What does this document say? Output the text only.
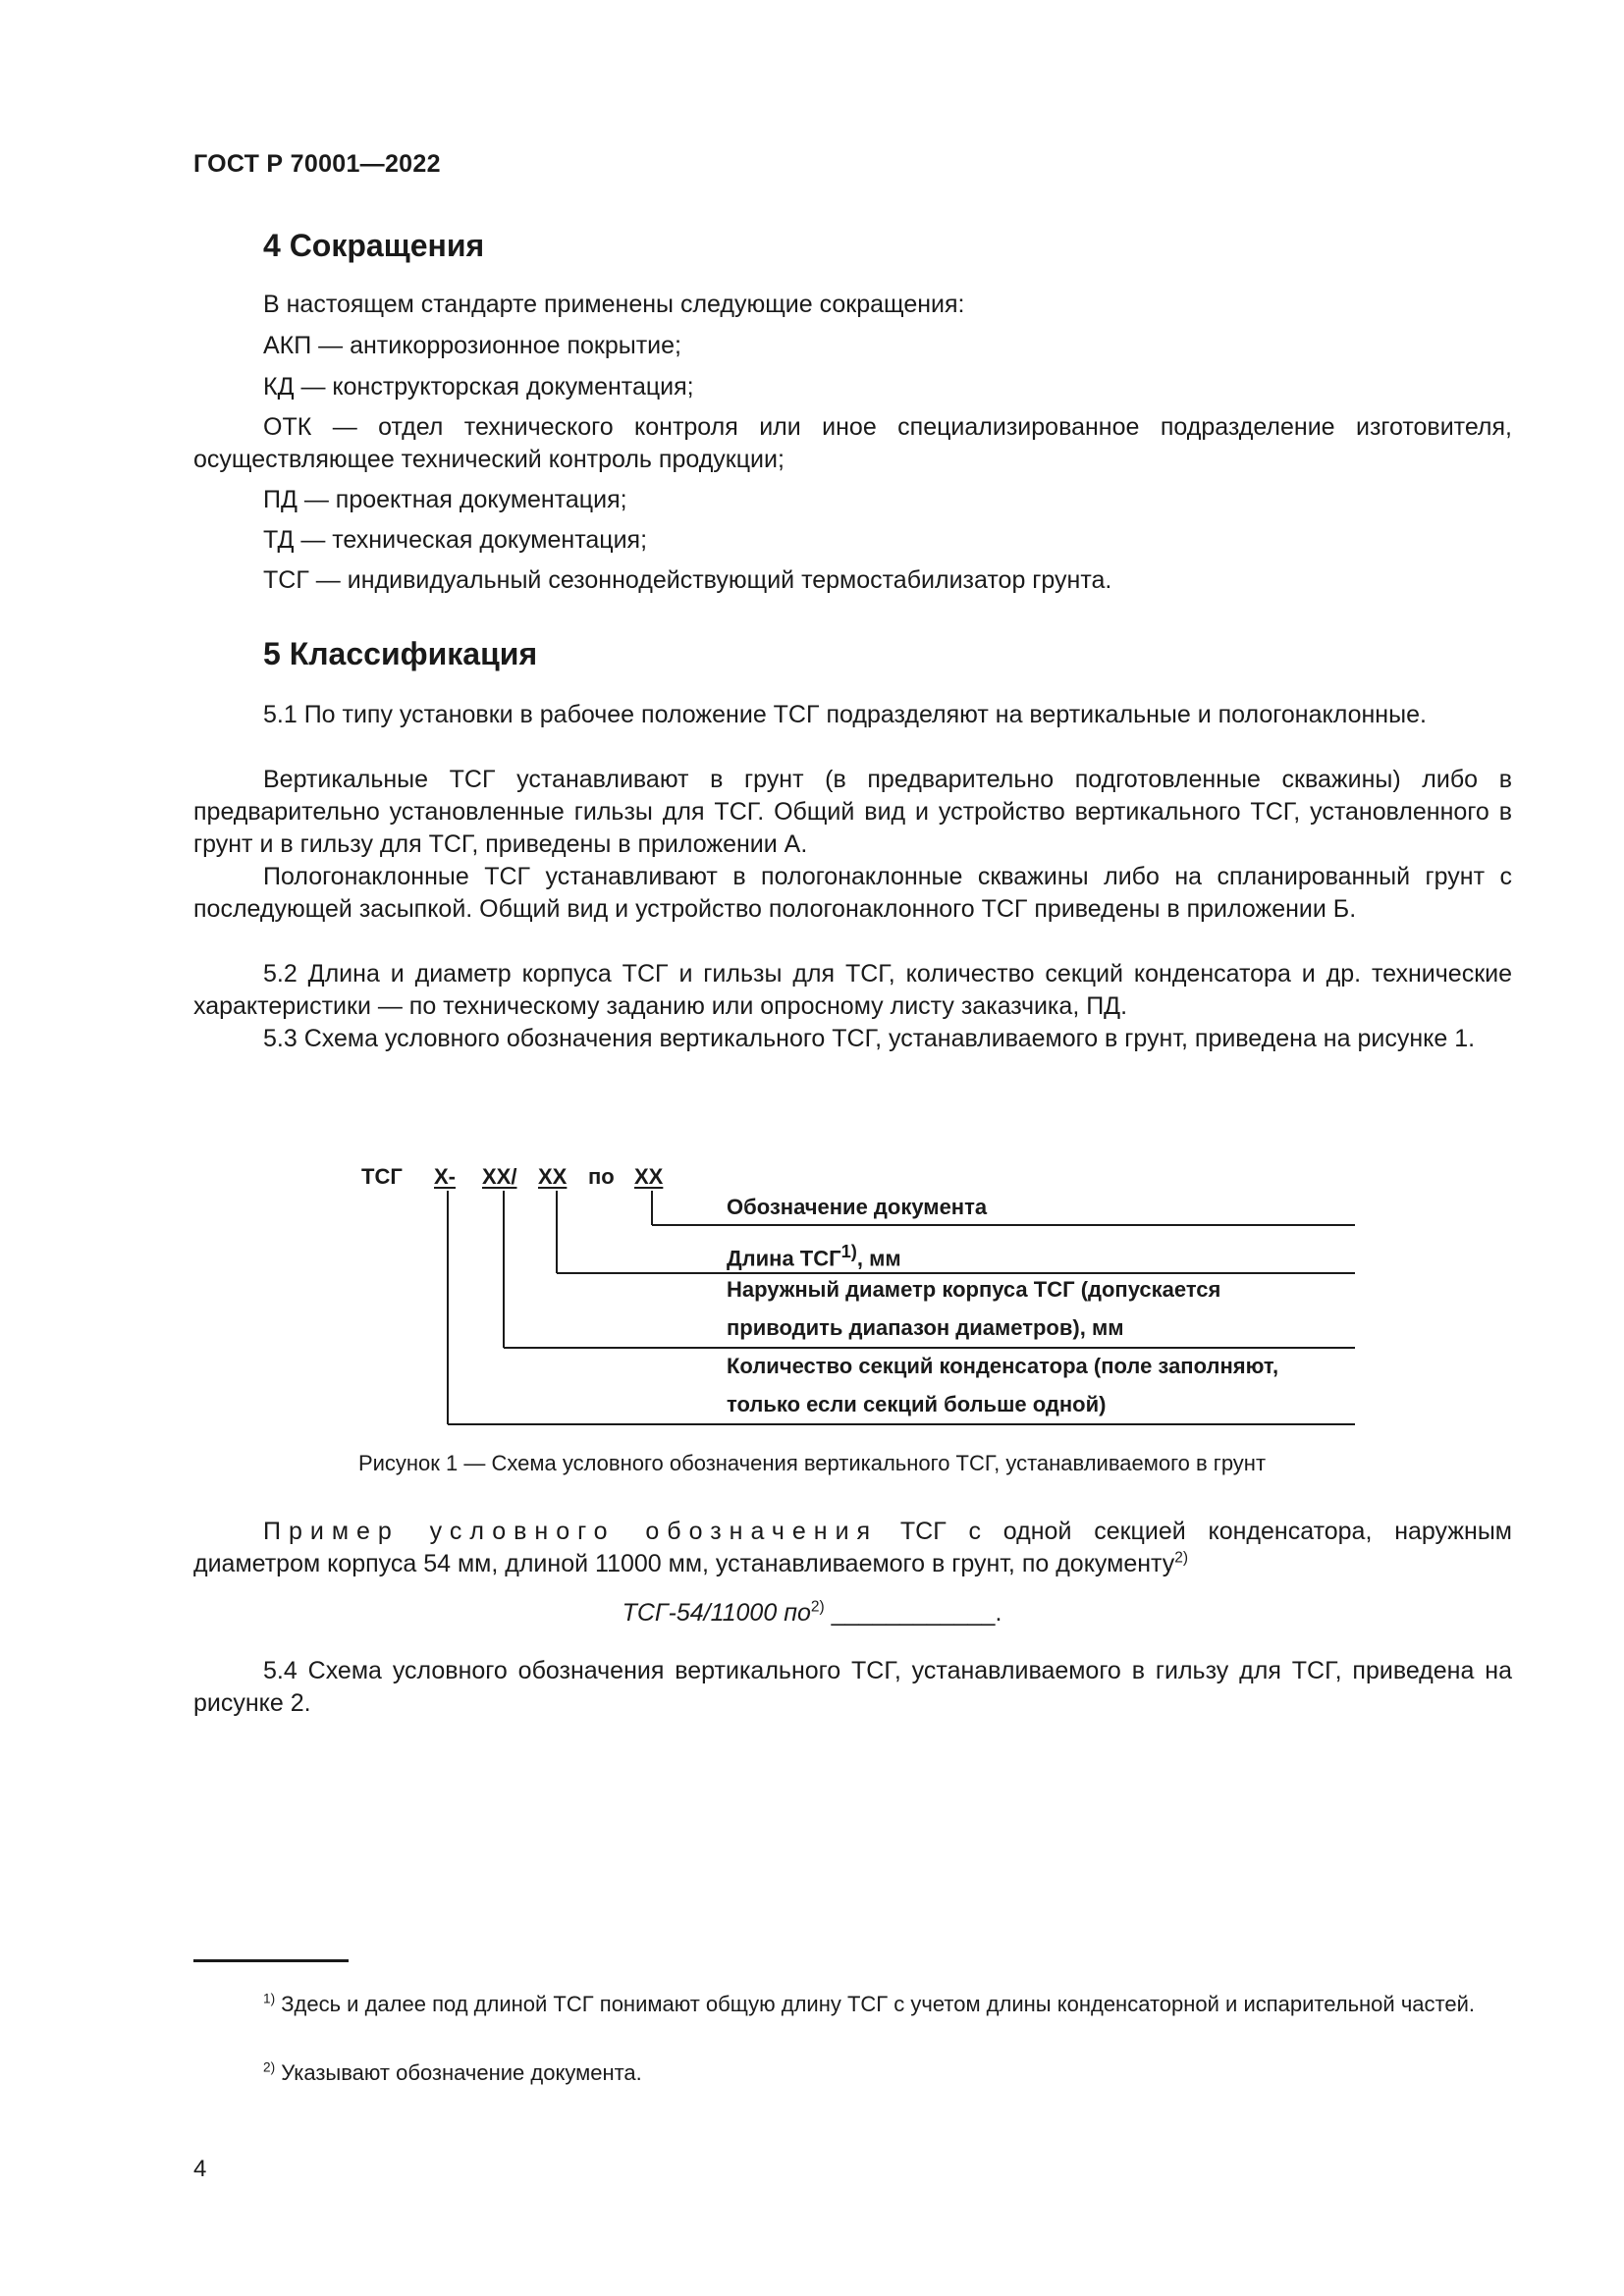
ГОСТ Р 70001—2022
4 Сокращения
В настоящем стандарте применены следующие сокращения:
АКП — антикоррозионное покрытие;
КД — конструкторская документация;
ОТК — отдел технического контроля или иное специализированное подразделение изготовителя, осуществляющее технический контроль продукции;
ПД — проектная документация;
ТД — техническая документация;
ТСГ — индивидуальный сезоннодействующий термостабилизатор грунта.
5 Классификация
5.1 По типу установки в рабочее положение ТСГ подразделяют на вертикальные и пологонаклонные.
Вертикальные ТСГ устанавливают в грунт (в предварительно подготовленные скважины) либо в предварительно установленные гильзы для ТСГ. Общий вид и устройство вертикального ТСГ, установленного в грунт и в гильзу для ТСГ, приведены в приложении А.
Пологонаклонные ТСГ устанавливают в пологонаклонные скважины либо на спланированный грунт с последующей засыпкой. Общий вид и устройство пологонаклонного ТСГ приведены в приложении Б.
5.2 Длина и диаметр корпуса ТСГ и гильзы для ТСГ, количество секций конденсатора и др. технические характеристики — по техническому заданию или опросному листу заказчика, ПД.
5.3 Схема условного обозначения вертикального ТСГ, устанавливаемого в грунт, приведена на рисунке 1.
ТСГ Х- ХХ/ ХХ по ХХ
Обозначение документа
Длина ТСГ$^{1)}$, мм
Наружный диаметр корпуса ТСГ (допускается
приводить диапазон диаметров), мм
Количество секций конденсатора (поле заполняют,
только если секций больше одной)
Рисунок 1 — Схема условного обозначения вертикального ТСГ, устанавливаемого в грунт
Пример условного обозначения ТСГ с одной секцией конденсатора, наружным диаметром корпуса 54 мм, длиной 11000 мм, устанавливаемого в грунт, по документу$^{2)}$
ТСГ-54/11000 $по^{2)}$ ____________.
5.4 Схема условного обозначения вертикального ТСГ, устанавливаемого в гильзу для ТСГ, приведена на рисунке 2.
$^{1)}$ Здесь и далее под длиной ТСГ понимают общую длину ТСГ с учетом длины конденсаторной и испарительной частей.
$^{2)}$ Указывают обозначение документа.
4
